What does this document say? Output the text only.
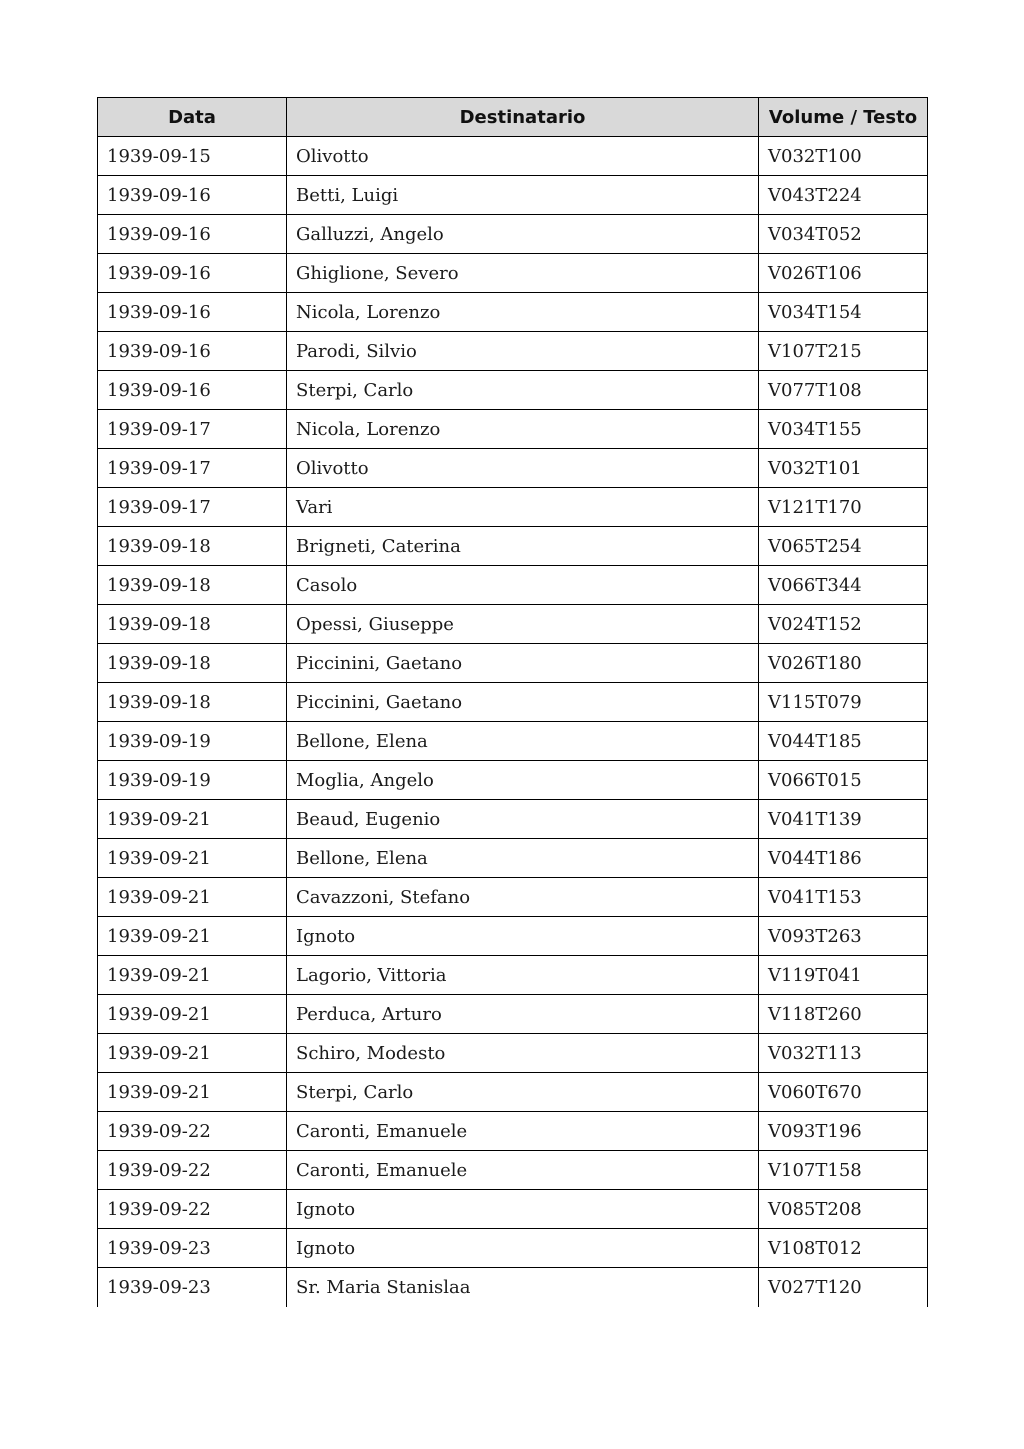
Data	Destinatario	Volume / Testo
1939-09-15	Olivotto	V032T100
1939-09-16	Betti, Luigi	V043T224
1939-09-16	Galluzzi, Angelo	V034T052
1939-09-16	Ghiglione, Severo	V026T106
1939-09-16	Nicola, Lorenzo	V034T154
1939-09-16	Parodi, Silvio	V107T215
1939-09-16	Sterpi, Carlo	V077T108
1939-09-17	Nicola, Lorenzo	V034T155
1939-09-17	Olivotto	V032T101
1939-09-17	Vari	V121T170
1939-09-18	Brigneti, Caterina	V065T254
1939-09-18	Casolo	V066T344
1939-09-18	Opessi, Giuseppe	V024T152
1939-09-18	Piccinini, Gaetano	V026T180
1939-09-18	Piccinini, Gaetano	V115T079
1939-09-19	Bellone, Elena	V044T185
1939-09-19	Moglia, Angelo	V066T015
1939-09-21	Beaud, Eugenio	V041T139
1939-09-21	Bellone, Elena	V044T186
1939-09-21	Cavazzoni, Stefano	V041T153
1939-09-21	Ignoto	V093T263
1939-09-21	Lagorio, Vittoria	V119T041
1939-09-21	Perduca, Arturo	V118T260
1939-09-21	Schiro, Modesto	V032T113
1939-09-21	Sterpi, Carlo	V060T670
1939-09-22	Caronti, Emanuele	V093T196
1939-09-22	Caronti, Emanuele	V107T158
1939-09-22	Ignoto	V085T208
1939-09-23	Ignoto	V108T012
1939-09-23	Sr. Maria Stanislaa	V027T120
